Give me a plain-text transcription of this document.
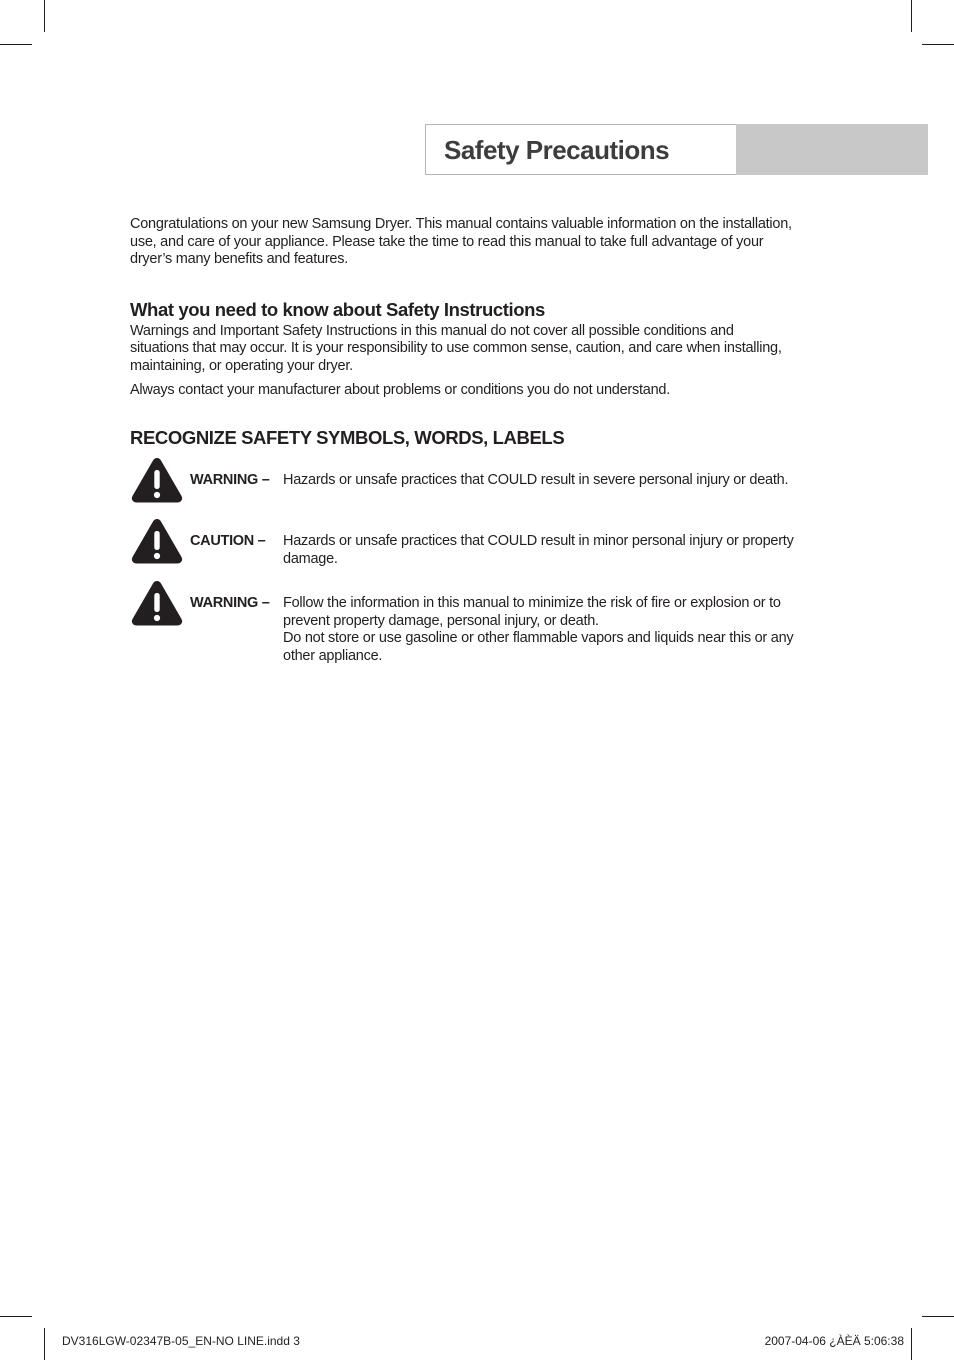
Safety Precautions

Congratulations on your new Samsung Dryer. This manual contains valuable information on the installation, use, and care of your appliance. Please take the time to read this manual to take full advantage of your dryer’s many benefits and features.

What you need to know about Safety Instructions

Warnings and Important Safety Instructions in this manual do not cover all possible conditions and situations that may occur. It is your responsibility to use common sense, caution, and care when installing, maintaining, or operating your dryer.

Always contact your manufacturer about problems or conditions you do not understand.

RECOGNIZE SAFETY SYMBOLS, WORDS, LABELS
WARNING – Hazards or unsafe practices that COULD result in severe personal injury or death.

CAUTION – Hazards or unsafe practices that COULD result in minor personal injury or property damage.

WARNING – Follow the information in this manual to minimize the risk of fire or explosion or to prevent property damage, personal injury, or death.

Do not store or use gasoline or other flammable vapors and liquids near this or any other appliance.

DV316LGW-02347B-05_EN-NO LINE.indd 3	2007-04-06 ¿ÀÈÄ 5:06:38
